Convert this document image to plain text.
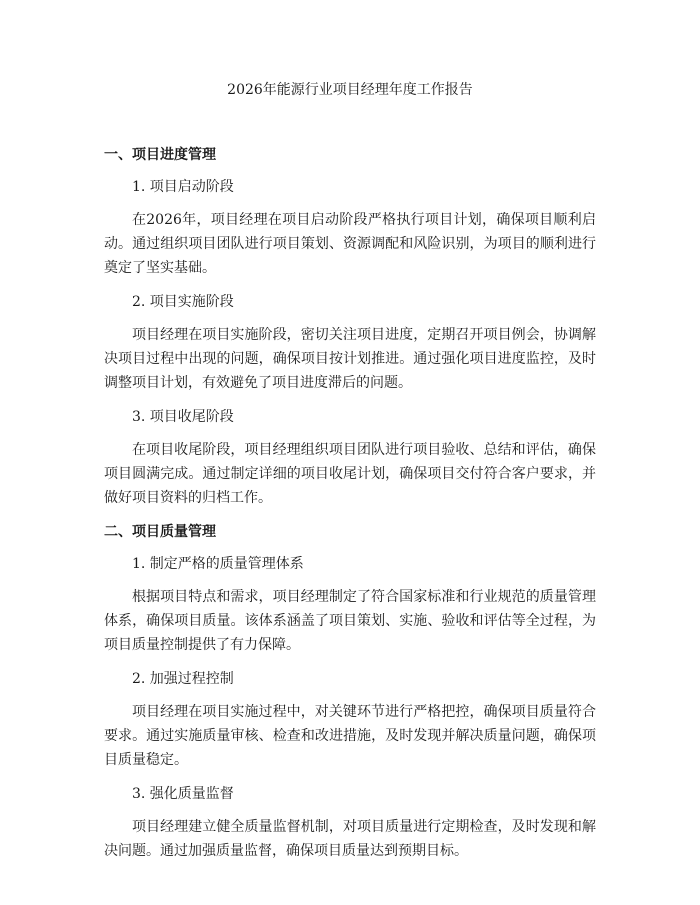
2026年能源行业项目经理年度工作报告
一、项目进度管理
1. 项目启动阶段

在2026年，项目经理在项目启动阶段严格执行项目计划，确保项目顺利启动。通过组织项目团队进行项目策划、资源调配和风险识别，为项目的顺利进行奠定了坚实基础。

2. 项目实施阶段

项目经理在项目实施阶段，密切关注项目进度，定期召开项目例会，协调解决项目过程中出现的问题，确保项目按计划推进。通过强化项目进度监控，及时调整项目计划，有效避免了项目进度滞后的问题。

3. 项目收尾阶段

在项目收尾阶段，项目经理组织项目团队进行项目验收、总结和评估，确保项目圆满完成。通过制定详细的项目收尾计划，确保项目交付符合客户要求，并做好项目资料的归档工作。

二、项目质量管理
1. 制定严格的质量管理体系

根据项目特点和需求，项目经理制定了符合国家标准和行业规范的质量管理体系，确保项目质量。该体系涵盖了项目策划、实施、验收和评估等全过程，为项目质量控制提供了有力保障。

2. 加强过程控制

项目经理在项目实施过程中，对关键环节进行严格把控，确保项目质量符合要求。通过实施质量审核、检查和改进措施，及时发现并解决质量问题，确保项目质量稳定。

3. 强化质量监督

项目经理建立健全质量监督机制，对项目质量进行定期检查，及时发现和解决问题。通过加强质量监督，确保项目质量达到预期目标。
